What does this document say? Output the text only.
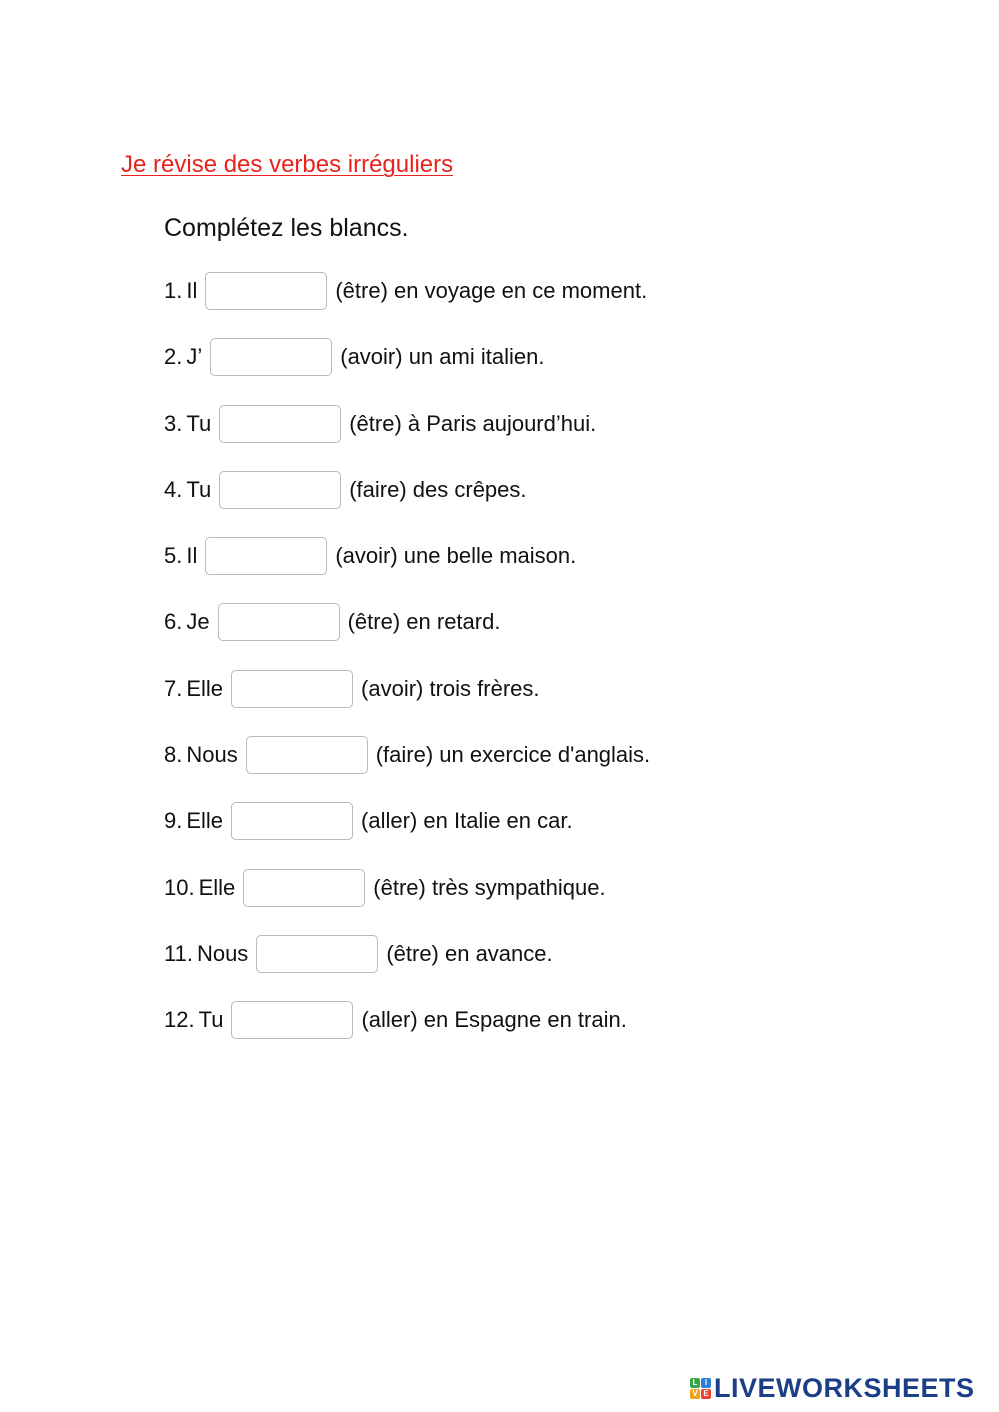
Je révise des verbes irréguliers
Complétez les blancs.
1. Il	(être) en voyage en ce moment.
2. J’	(avoir) un ami italien.
3. Tu	(être) à Paris aujourd’hui.
4. Tu	(faire) des crêpes.
5. Il	(avoir) une belle maison.
6. Je	(être) en retard.
7. Elle	(avoir) trois frères.
8. Nous	(faire) un exercice d'anglais.
9. Elle	(aller) en Italie en car.
10. Elle	(être) très sympathique.
11. Nous	(être) en avance.
12. Tu	(aller) en Espagne en train.
L I
V E LIVEWORKSHEETS
